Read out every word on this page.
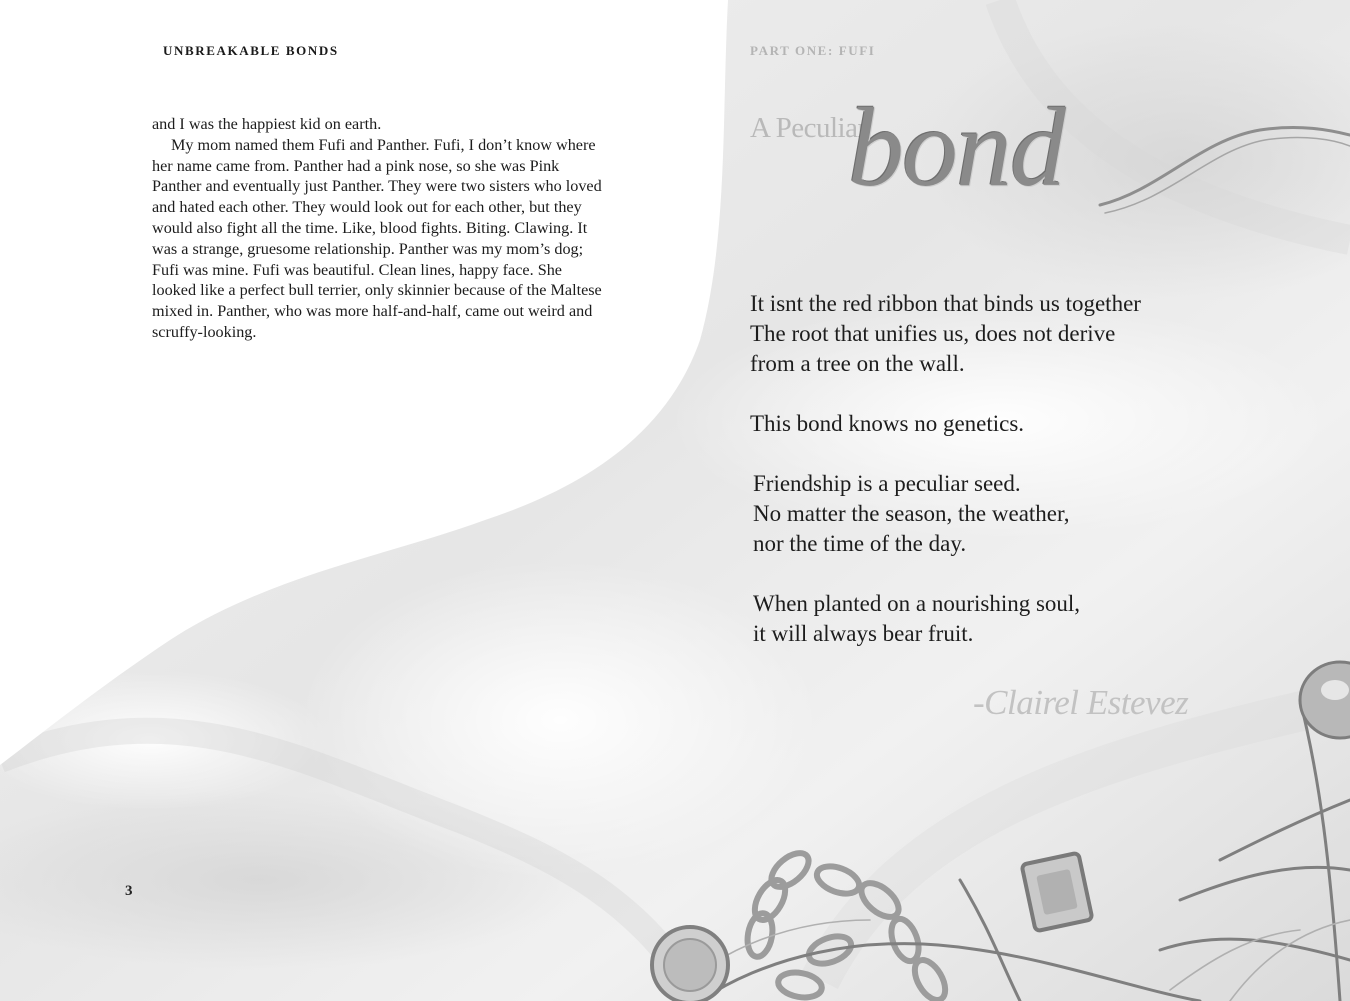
UNBREAKABLE BONDS	PART ONE: FUFI

and I was the happiest kid on earth.

My mom named them Fufi and Panther. Fufi, I don’t know where her name came from. Panther had a pink nose, so she was Pink Panther and eventually just Panther. They were two sisters who loved and hated each other. They would look out for each other, but they would also fight all the time. Like, blood fights. Biting. Clawing. It was a strange, gruesome relationship. Panther was my mom’s dog; Fufi was mine. Fufi was beautiful. Clean lines, happy face. She looked like a perfect bull terrier, only skinnier because of the Maltese mixed in. Panther, who was more half-and-half, came out weird and scruffy-looking.

3
A Peculiar
bond
It isnt the red ribbon that binds us together
The root that unifies us, does not derive
from a tree on the wall.
This bond knows no genetics.
Friendship is a peculiar seed.
No matter the season, the weather,
nor the time of the day.
When planted on a nourishing soul,
it will always bear fruit.
-Clairel Estevez
